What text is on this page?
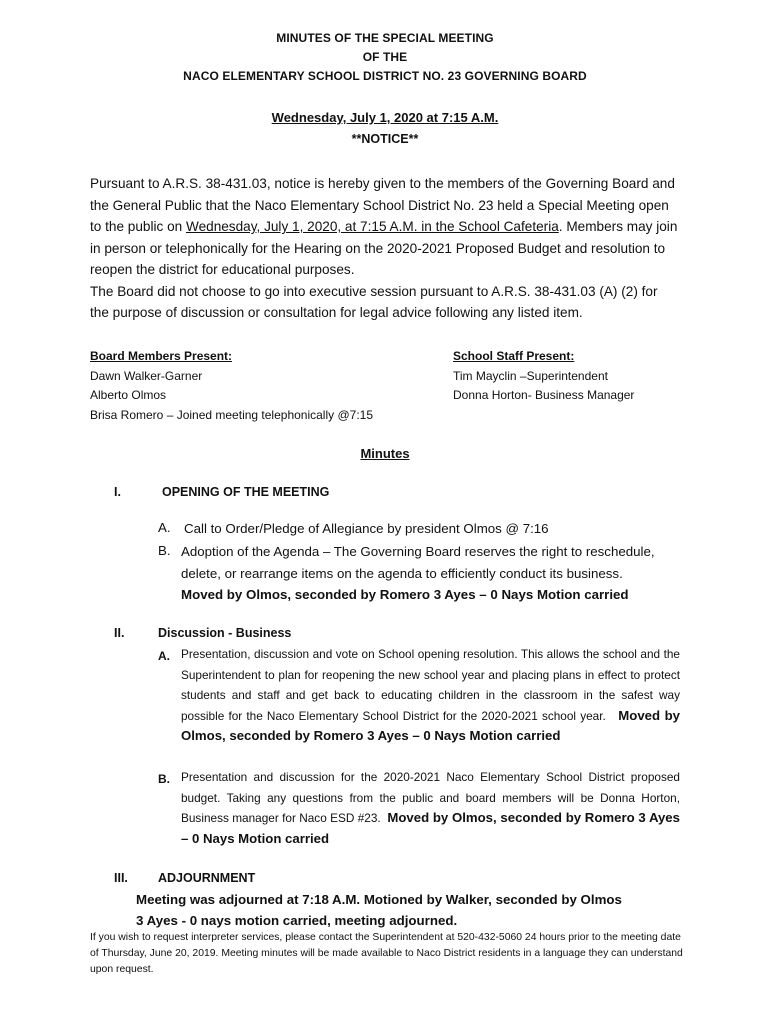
MINUTES OF THE SPECIAL MEETING
OF THE
NACO ELEMENTARY SCHOOL DISTRICT NO. 23 GOVERNING BOARD
Wednesday, July 1, 2020 at 7:15 A.M.
**NOTICE**

Pursuant to A.R.S. 38-431.03, notice is hereby given to the members of the Governing Board and the General Public that the Naco Elementary School District No. 23 held a Special Meeting open to the public on Wednesday, July 1, 2020, at 7:15 A.M. in the School Cafeteria. Members may join in person or telephonically for the Hearing on the 2020-2021 Proposed Budget and resolution to reopen the district for educational purposes.

The Board did not choose to go into executive session pursuant to A.R.S. 38-431.03 (A) (2) for the purpose of discussion or consultation for legal advice following any listed item.

Board Members Present:
Dawn Walker-Garner
Alberto Olmos
Brisa Romero – Joined meeting telephonically @7:15
School Staff Present:
Tim Mayclin –Superintendent
Donna Horton- Business Manager
Minutes
I.	OPENING OF THE MEETING
A. Call to Order/Pledge of Allegiance by president Olmos @ 7:16
B. Adoption of the Agenda – The Governing Board reserves the right to reschedule, delete, or rearrange items on the agenda to efficiently conduct its business.
Moved by Olmos, seconded by Romero 3 Ayes – 0 Nays Motion carried
II.	Discussion - Business
A. Presentation, discussion and vote on School opening resolution. This allows the school and the Superintendent to plan for reopening the new school year and placing plans in effect to protect students and staff and get back to educating children in the classroom in the safest way possible for the Naco Elementary School District for the 2020-2021 school year. Moved by Olmos, seconded by Romero 3 Ayes – 0 Nays Motion carried
B. Presentation and discussion for the 2020-2021 Naco Elementary School District proposed budget. Taking any questions from the public and board members will be Donna Horton, Business manager for Naco ESD #23. Moved by Olmos, seconded by Romero 3 Ayes – 0 Nays Motion carried
III. ADJOURNMENT
Meeting was adjourned at 7:18 A.M. Motioned by Walker, seconded by Olmos
3 Ayes - 0 nays motion carried, meeting adjourned.
If you wish to request interpreter services, please contact the Superintendent at 520-432-5060 24 hours prior to the meeting date of Thursday, June 20, 2019. Meeting minutes will be made available to Naco District residents in a language they can understand upon request.
